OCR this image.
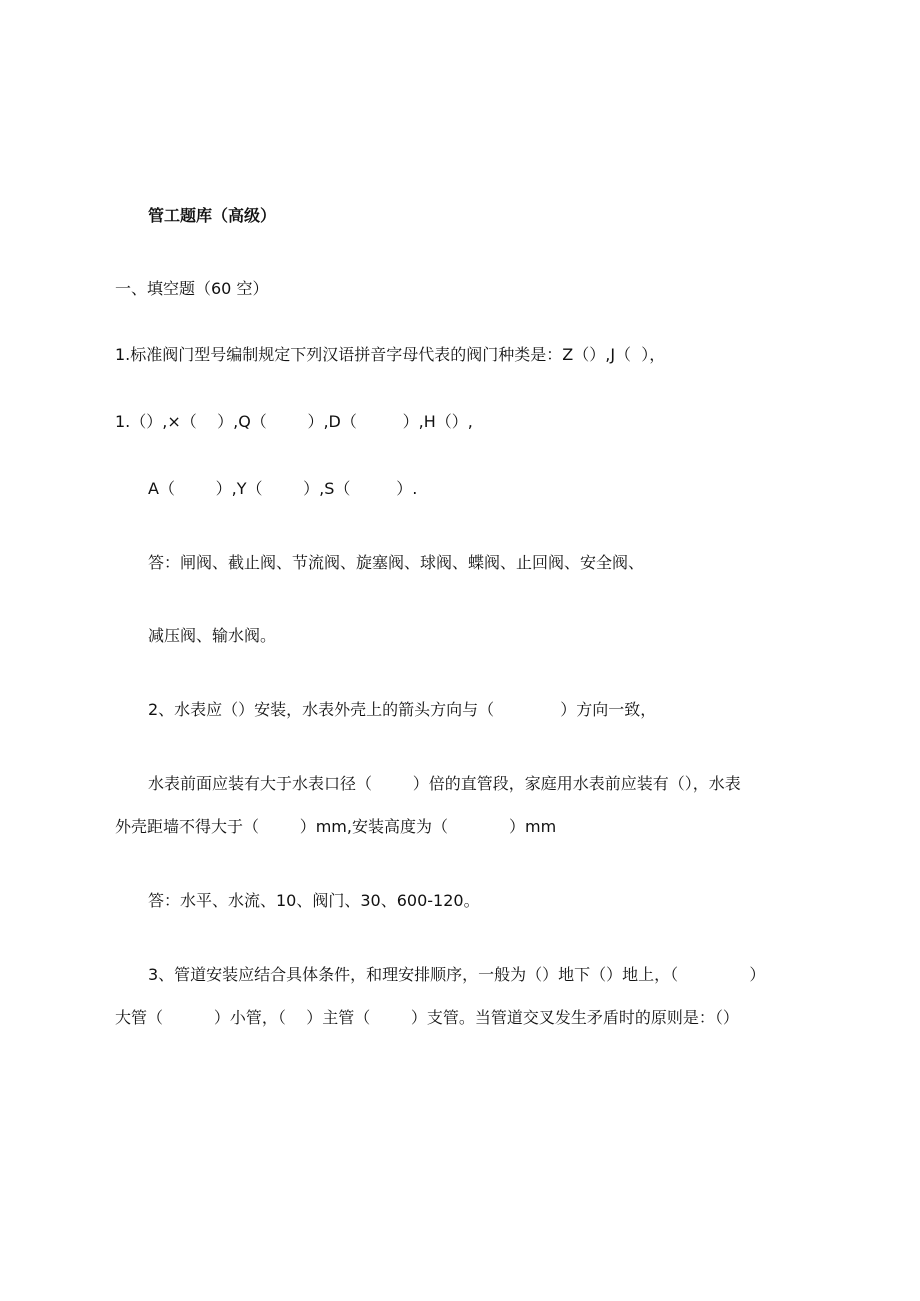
管工题库（高级）

一、填空题（60 空）

1.标准阀门型号编制规定下列汉语拼音字母代表的阀门种类是：Z（）,J（  ），

1.（）,×（    ）,Q（        ）,D（         ）,H（）,

A（        ）,Y（        ）,S（         ）.

答：闸阀、截止阀、节流阀、旋塞阀、球阀、蝶阀、止回阀、安全阀、

减压阀、输水阀。

2、水表应（）安装，水表外壳上的箭头方向与（             ）方向一致，

水表前面应装有大于水表口径（        ）倍的直管段，家庭用水表前应装有（），水表

外壳距墙不得大于（        ）mm,安装高度为（            ）mm

答：水平、水流、10、阀门、30、600-120。

3、管道安装应结合具体条件，和理安排顺序，一般为（）地下（）地上，（              ）

大管（          ）小管，（    ）主管（        ）支管。当管道交叉发生矛盾时的原则是：（）
